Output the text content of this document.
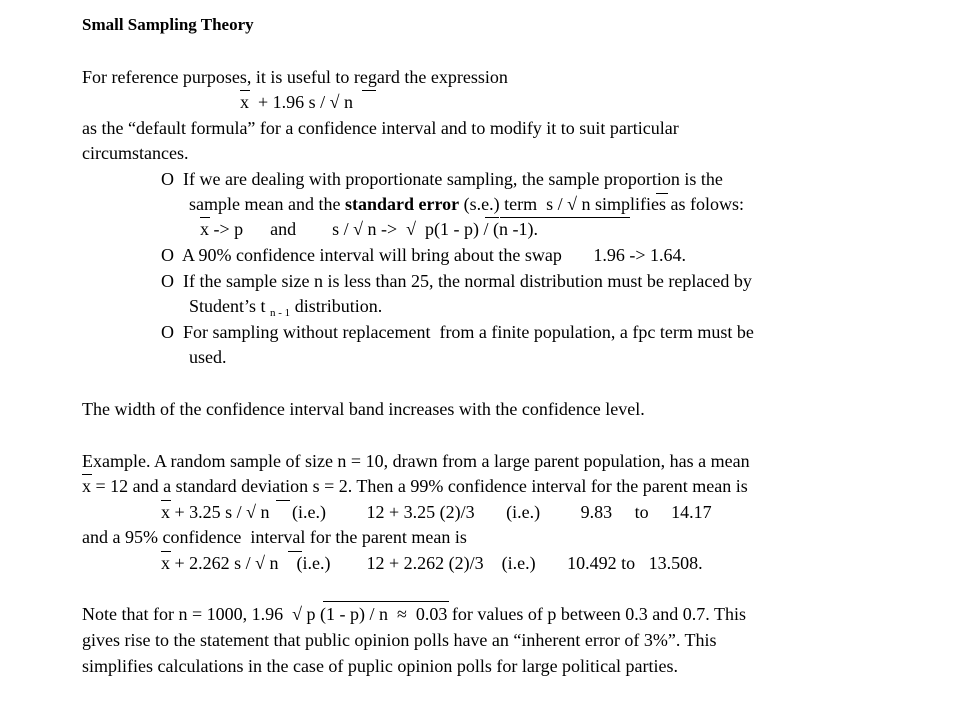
Small Sampling Theory
For reference purposes, it is useful to regard the expression
x  + 1.96 s / √ n
as the “default formula” for a confidence interval and to modify it to suit particular
circumstances.
O  If we are dealing with proportionate sampling, the sample proportion is the
sample mean and the standard error (s.e.) term  s / √ n simplifies as folows:
x -> p      and        s / √ n ->  √  p(1 - p) / (n -1).
O  A 90% confidence interval will bring about the swap       1.96 -> 1.64.
O  If the sample size n is less than 25, the normal distribution must be replaced by
Student’s t $_{n - 1}$ distribution.
O  For sampling without replacement  from a finite population, a fpc term must be
used.
The width of the confidence interval band increases with the confidence level.
Example. A random sample of size n = 10, drawn from a large parent population, has a mean
x = 12 and a standard deviation s = 2. Then a 99% confidence interval for the parent mean is
x + 3.25 s / √ n     (i.e.)         12 + 3.25 (2)/3       (i.e.)         9.83     to     14.17
and a 95% confidence  interval for the parent mean is
x + 2.262 s / √ n    (i.e.)        12 + 2.262 (2)/3    (i.e.)       10.492 to   13.508.
Note that for n = 1000, 1.96  √ p (1 - p) / n  ≈  0.03 for values of p between 0.3 and 0.7. This
gives rise to the statement that public opinion polls have an “inherent error of 3%”. This
simplifies calculations in the case of puplic opinion polls for large political parties.
